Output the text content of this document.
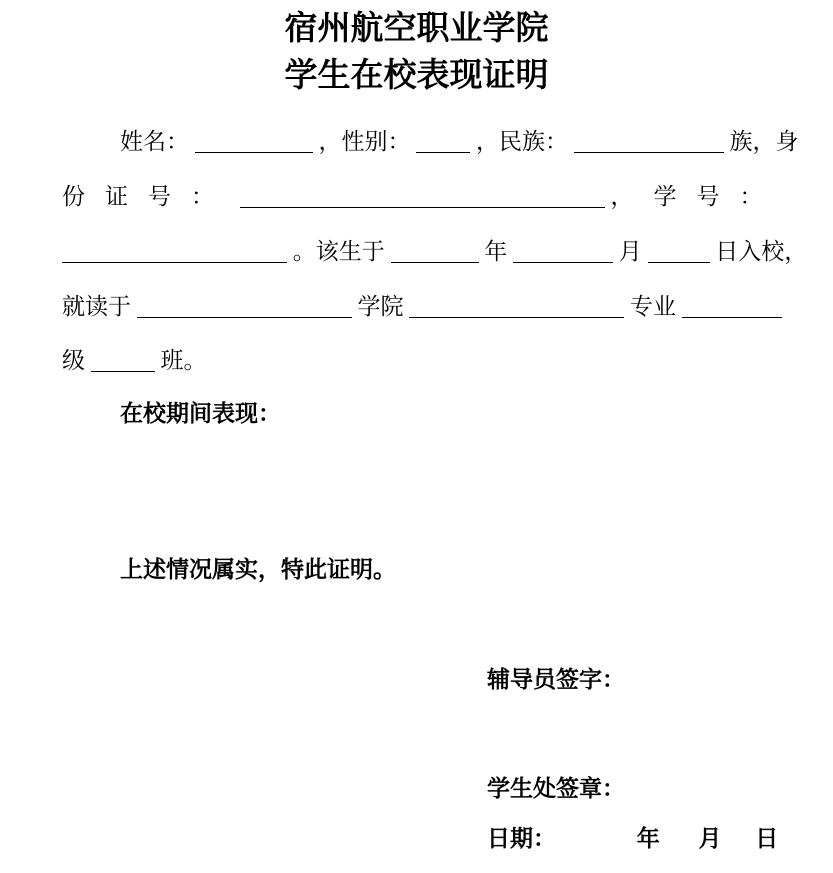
宿州航空职业学院
学生在校表现证明
姓名：	，性别：	，民族：	族，身
份证号：	，学号：
。该生于	年	月	日入校，
就读于	学院	专业
级	班。
在校期间表现：
上述情况属实，特此证明。
辅导员签字：
学生处签章：
日期：	年 月 日
